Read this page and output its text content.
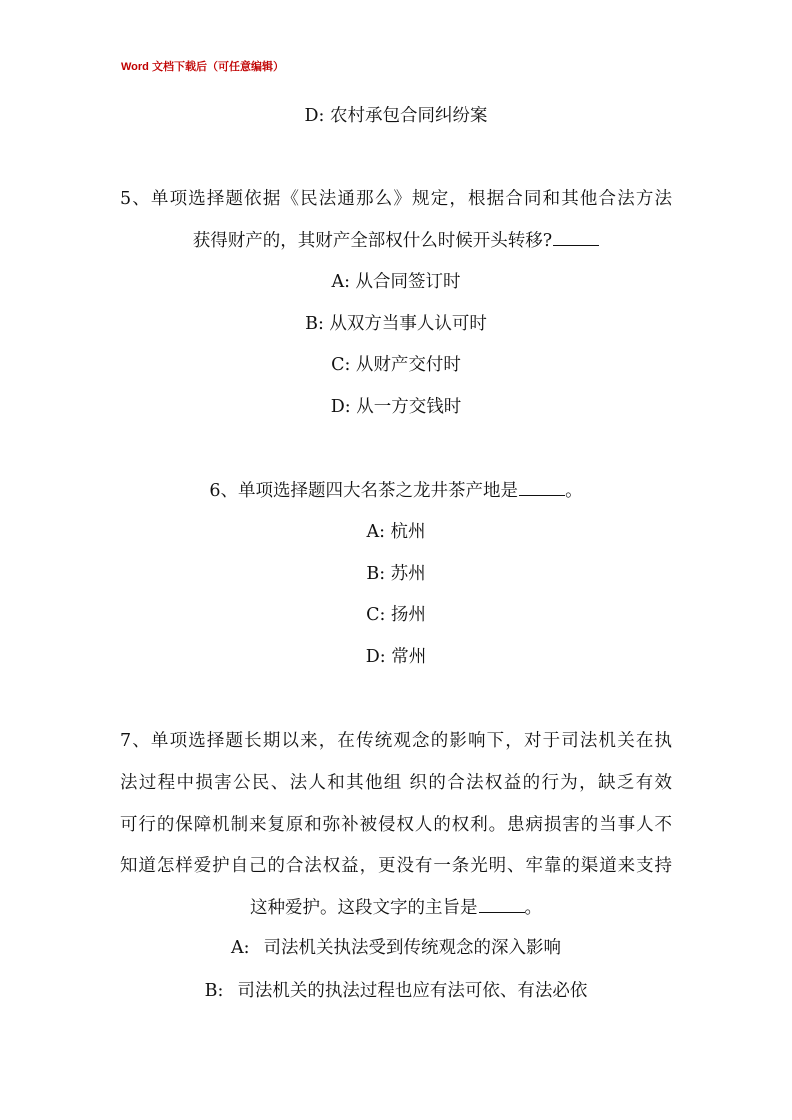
Word 文档下载后（可任意编辑）
D: 农村承包合同纠纷案
5、单项选择题依据《民法通那么》规定，根据合同和其他合法方法
获得财产的，其财产全部权什么时候开头转移?
A: 从合同签订时
B: 从双方当事人认可时
C: 从财产交付时
D: 从一方交钱时
6、单项选择题四大名茶之龙井茶产地是	。
A: 杭州
B: 苏州
C: 扬州
D: 常州
7、单项选择题长期以来，在传统观念的影响下，对于司法机关在执
法过程中损害公民、法人和其他组 织的合法权益的行为，缺乏有效
可行的保障机制来复原和弥补被侵权人的权利。患病损害的当事人不
知道怎样爱护自己的合法权益，更没有一条光明、牢靠的渠道来支持
这种爱护。这段文字的主旨是	。
A: 司法机关执法受到传统观念的深入影响
B: 司法机关的执法过程也应有法可依、有法必依
